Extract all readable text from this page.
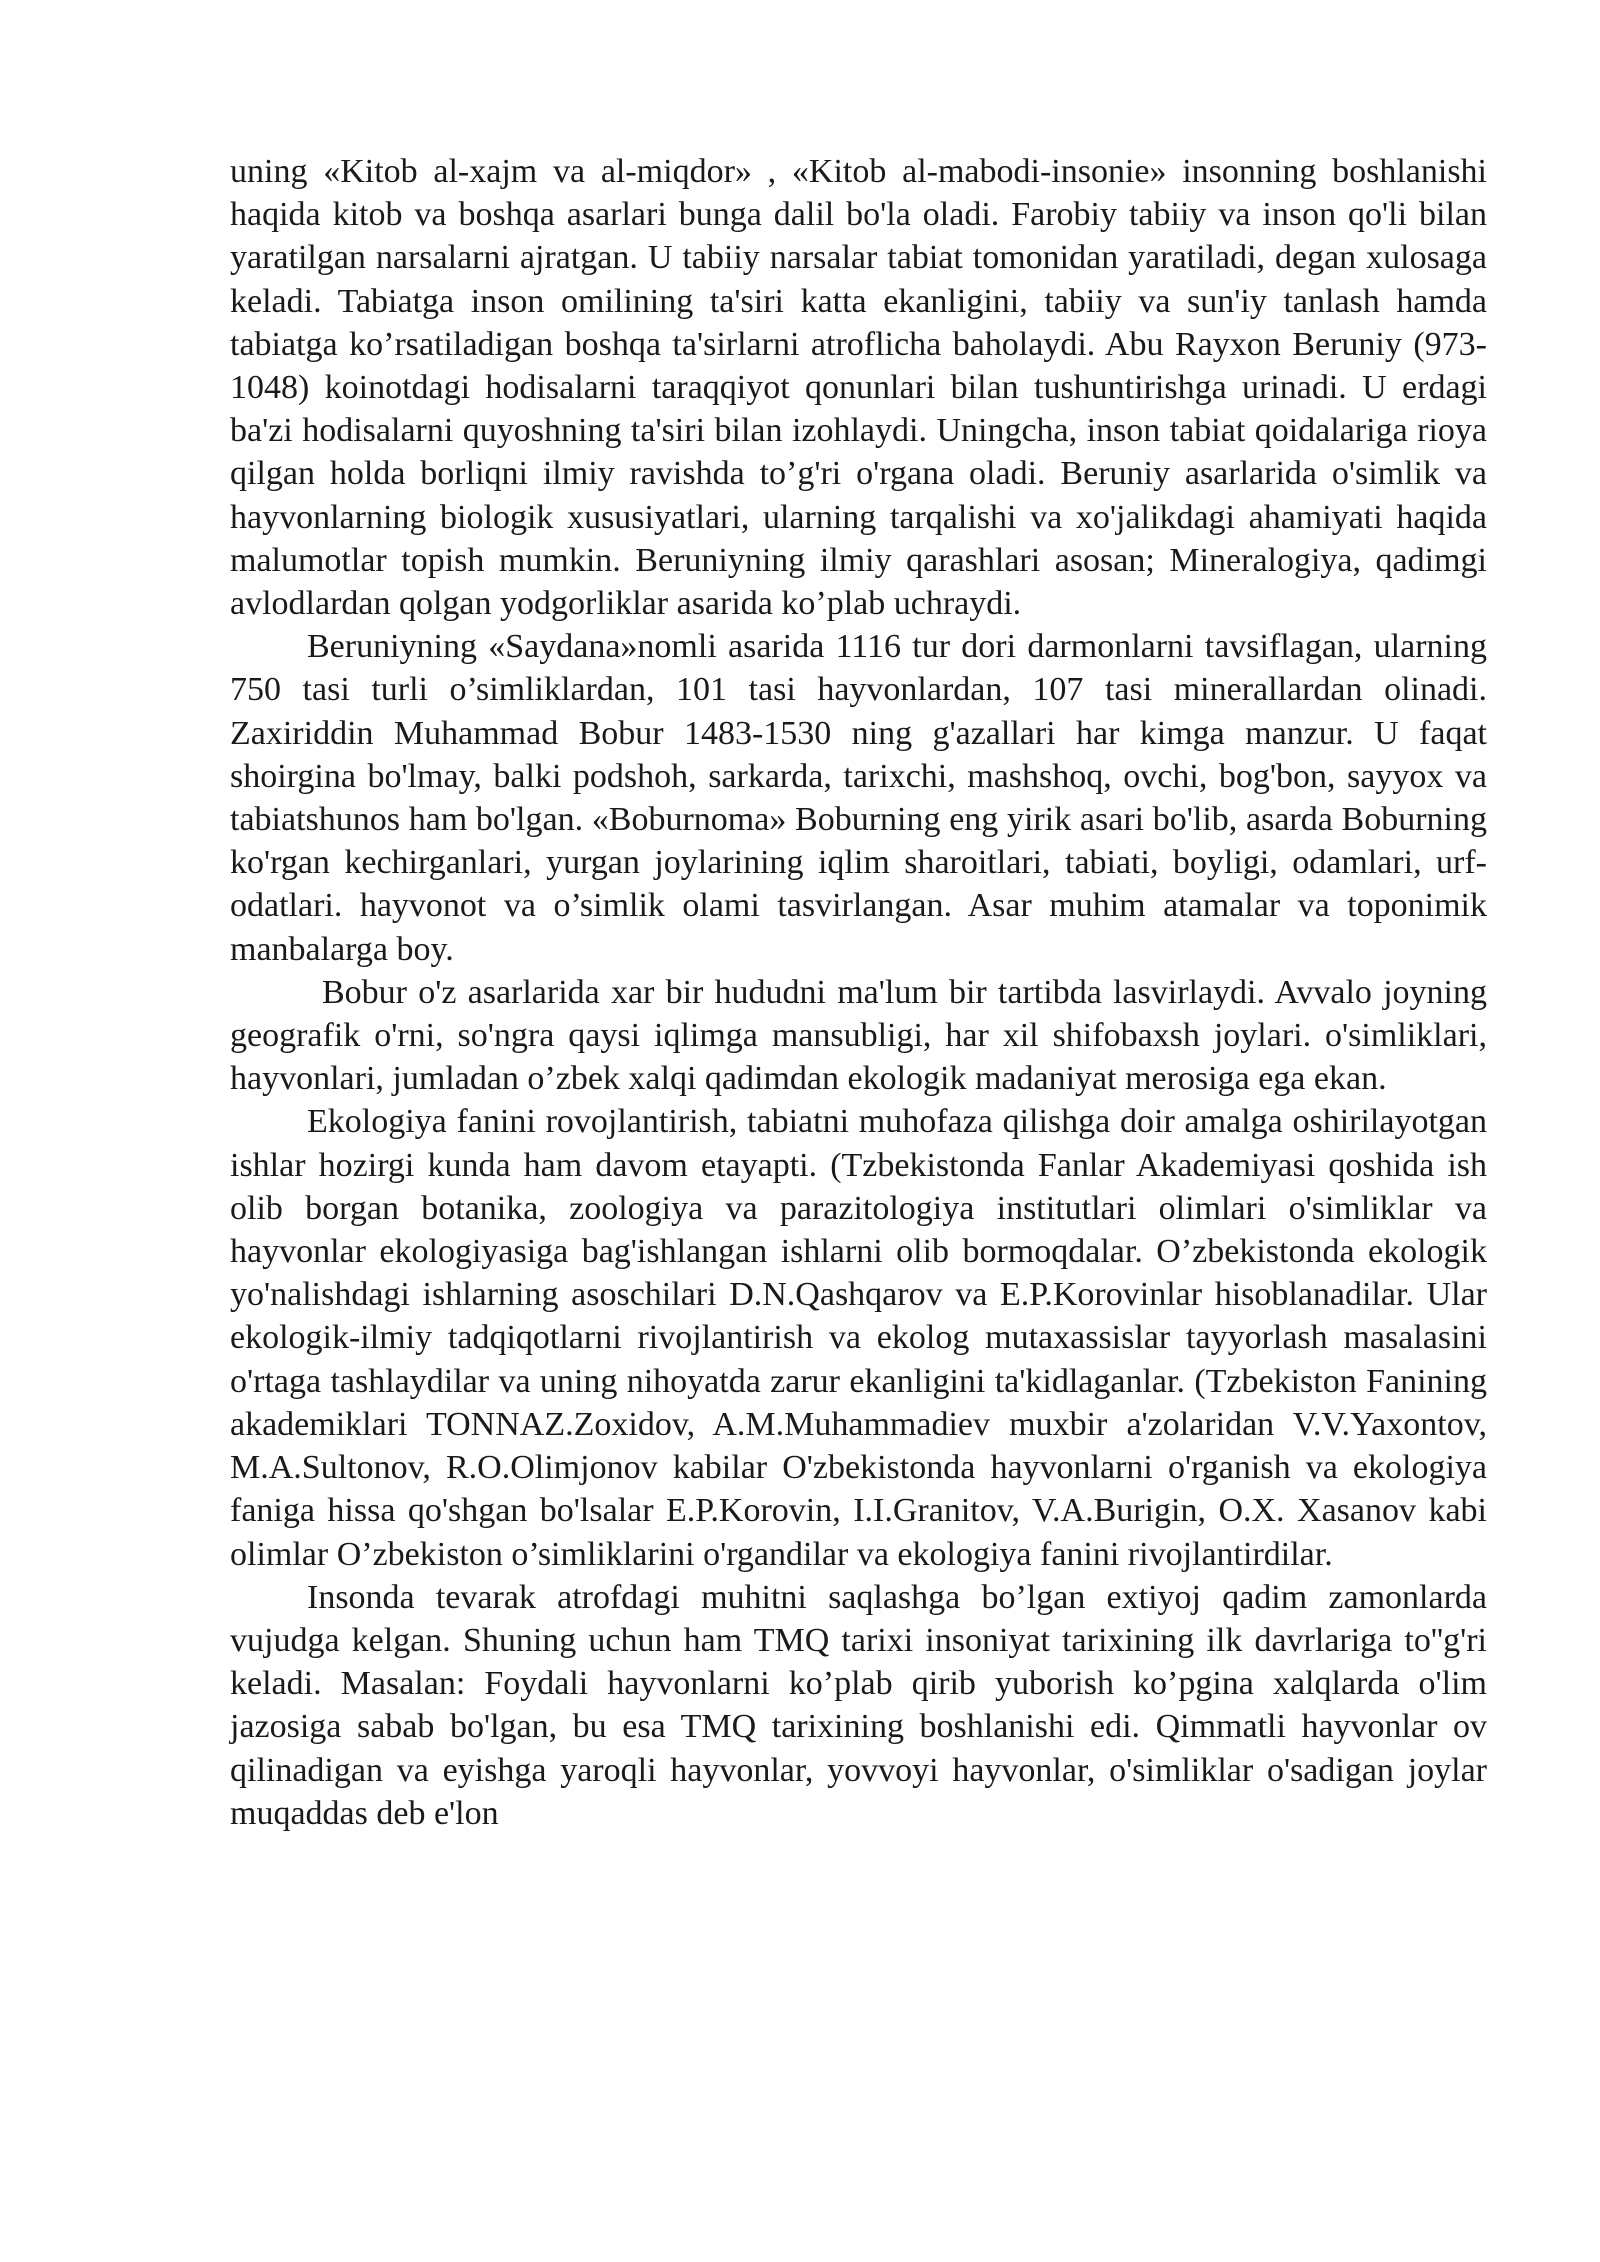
uning «Kitob al-xajm va al-miqdor» , «Kitob al-mabodi-insonie» insonning boshlanishi haqida kitob va boshqa asarlari bunga dalil bo'la oladi. Farobiy tabiiy va inson qo'li bilan yaratilgan narsalarni ajratgan. U tabiiy narsalar tabiat tomonidan yaratiladi, degan xulosaga keladi. Tabiatga inson omilining ta'siri katta ekanligini, tabiiy va sun'iy tanlash hamda tabiatga ko’rsatiladigan boshqa ta'sirlarni atroflicha baholaydi. Abu Rayxon Beruniy (973-1048) koinotdagi hodisalarni taraqqiyot qonunlari bilan tushuntirishga urinadi. U erdagi ba'zi hodisalarni quyoshning ta'siri bilan izohlaydi. Uningcha, inson tabiat qoidalariga rioya qilgan holda borliqni ilmiy ravishda to’g'ri o'rgana oladi. Beruniy asarlarida o'simlik va hayvonlarning biologik xususiyatlari, ularning tarqalishi va xo'jalikdagi ahamiyati haqida malumotlar topish mumkin. Beruniyning ilmiy qarashlari asosan; Mineralogiya, qadimgi avlodlardan qolgan yodgorliklar asarida ko’plab uchraydi.

Beruniyning «Saydana»nomli asarida 1116 tur dori darmonlarni tavsiflagan, ularning 750 tasi turli o’simliklardan, 101 tasi hayvonlardan, 107 tasi minerallardan olinadi. Zaxiriddin Muhammad Bobur 1483-1530 ning g'azallari har kimga manzur. U faqat shoirgina bo'lmay, balki podshoh, sarkarda, tarixchi, mashshoq, ovchi, bog'bon, sayyox va tabiatshunos ham bo'lgan. «Boburnoma» Boburning eng yirik asari bo'lib, asarda Boburning ko'rgan kechirganlari, yurgan joylarining iqlim sharoitlari, tabiati, boyligi, odamlari, urf-odatlari. hayvonot va o’simlik olami tasvirlangan. Asar muhim atamalar va toponimik manbalarga boy.

Bobur o'z asarlarida xar bir hududni ma'lum bir tartibda lasvirlaydi. Avvalo joyning geografik o'rni, so'ngra qaysi iqlimga mansubligi, har xil shifobaxsh joylari. o'simliklari, hayvonlari, jumladan o’zbek xalqi qadimdan ekologik madaniyat merosiga ega ekan.

Ekologiya fanini rovojlantirish, tabiatni muhofaza qilishga doir amalga oshirilayotgan ishlar hozirgi kunda ham davom etayapti. (Tzbekistonda Fanlar Akademiyasi qoshida ish olib borgan botanika, zoologiya va parazitologiya institutlari olimlari o'simliklar va hayvonlar ekologiyasiga bag'ishlangan ishlarni olib bormoqdalar. O’zbekistonda ekologik yo'nalishdagi ishlarning asoschilari D.N.Qashqarov va E.P.Korovinlar hisoblanadilar. Ular ekologik-ilmiy tadqiqotlarni rivojlantirish va ekolog mutaxassislar tayyorlash masalasini o'rtaga tashlaydilar va uning nihoyatda zarur ekanligini ta'kidlaganlar. (Tzbekiston Fanining akademiklari TONNAZ.Zoxidov, A.M.Muhammadiev muxbir a'zolaridan V.V.Yaxontov, M.A.Sultonov, R.O.Olimjonov kabilar O'zbekistonda hayvonlarni o'rganish va ekologiya faniga hissa qo'shgan bo'lsalar E.P.Korovin, I.I.Granitov, V.A.Burigin, O.X. Xasanov kabi olimlar O’zbekiston o’simliklarini o'rgandilar va ekologiya fanini rivojlantirdilar.

Insonda tevarak atrofdagi muhitni saqlashga bo’lgan extiyoj qadim zamonlarda vujudga kelgan. Shuning uchun ham TMQ tarixi insoniyat tarixining ilk davrlariga to''g'ri keladi. Masalan: Foydali hayvonlarni ko’plab qirib yuborish ko’pgina xalqlarda o'lim jazosiga sabab bo'lgan, bu esa TMQ tarixining boshlanishi edi. Qimmatli hayvonlar ov qilinadigan va eyishga yaroqli hayvonlar, yovvoyi hayvonlar, o'simliklar o'sadigan joylar muqaddas deb e'lon
